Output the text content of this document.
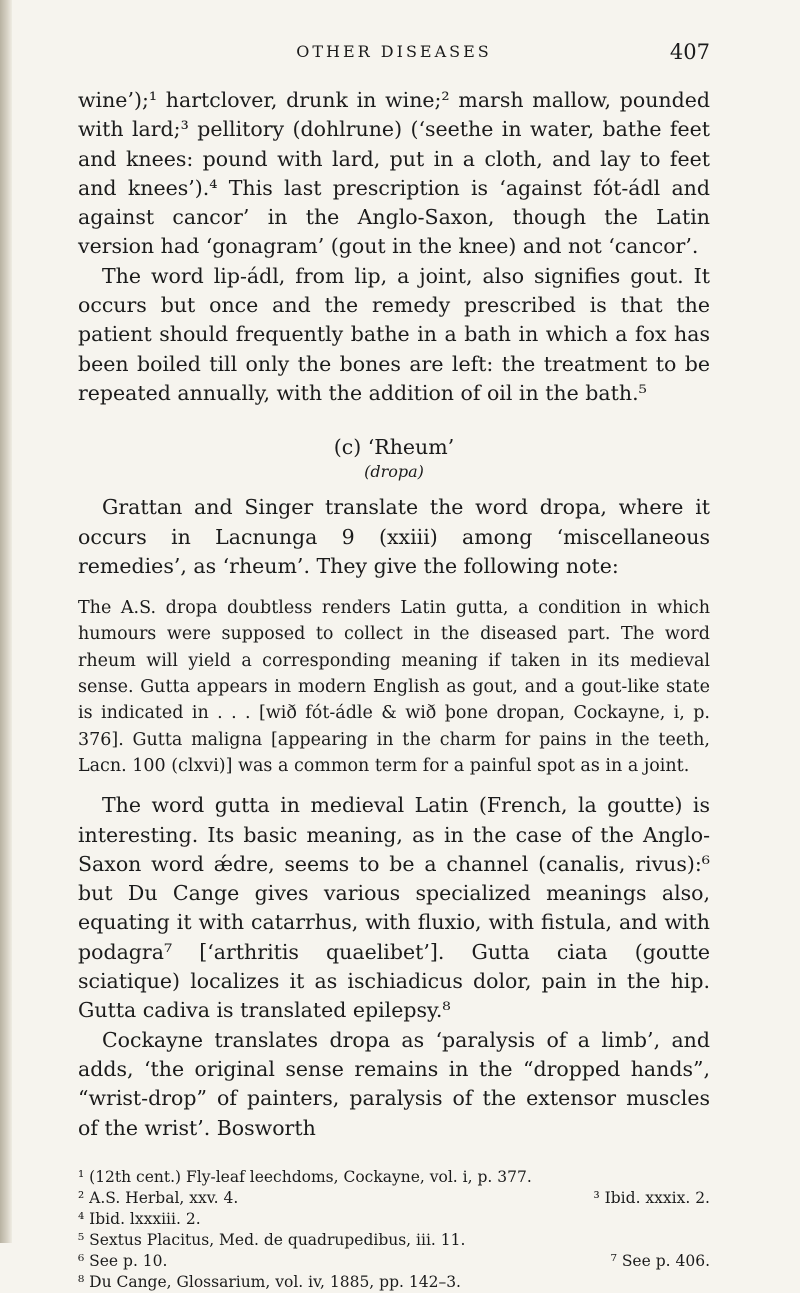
OTHER DISEASES	407

wine’);¹ hartclover, drunk in wine;² marsh mallow, pounded with lard;³ pellitory (dohlrune) (‘seethe in water, bathe feet and knees: pound with lard, put in a cloth, and lay to feet and knees’).⁴ This last prescription is ‘against fót-ádl and against cancor’ in the Anglo-Saxon, though the Latin version had ‘gonagram’ (gout in the knee) and not ‘cancor’.

The word lip-ádl, from lip, a joint, also signifies gout. It occurs but once and the remedy prescribed is that the patient should frequently bathe in a bath in which a fox has been boiled till only the bones are left: the treatment to be repeated annually, with the addition of oil in the bath.⁵

(c) ‘Rheum’
(dropa)

Grattan and Singer translate the word dropa, where it occurs in Lacnunga 9 (xxiii) among ‘miscellaneous remedies’, as ‘rheum’. They give the following note:

The A.S. dropa doubtless renders Latin gutta, a condition in which humours were supposed to collect in the diseased part. The word rheum will yield a corresponding meaning if taken in its medieval sense. Gutta appears in modern English as gout, and a gout-like state is indicated in . . . [wið fót-ádle & wið þone dropan, Cockayne, i, p. 376]. Gutta maligna [appearing in the charm for pains in the teeth, Lacn. 100 (clxvi)] was a common term for a painful spot as in a joint.

The word gutta in medieval Latin (French, la goutte) is interesting. Its basic meaning, as in the case of the Anglo-Saxon word ǽdre, seems to be a channel (canalis, rivus):⁶ but Du Cange gives various specialized meanings also, equating it with catarrhus, with fluxio, with fistula, and with podagra⁷ [‘arthritis quaelibet’]. Gutta ciata (goutte sciatique) localizes it as ischiadicus dolor, pain in the hip. Gutta cadiva is translated epilepsy.⁸

Cockayne translates dropa as ‘paralysis of a limb’, and adds, ‘the original sense remains in the “dropped hands”, “wrist-drop” of painters, paralysis of the extensor muscles of the wrist’. Bosworth

¹ (12th cent.) Fly-leaf leechdoms, Cockayne, vol. i, p. 377.
² A.S. Herbal, xxv. 4.	³ Ibid. xxxix. 2.
⁴ Ibid. lxxxiii. 2.
⁵ Sextus Placitus, Med. de quadrupedibus, iii. 11.
⁶ See p. 10.	⁷ See p. 406.
⁸ Du Cange, Glossarium, vol. iv, 1885, pp. 142–3.
